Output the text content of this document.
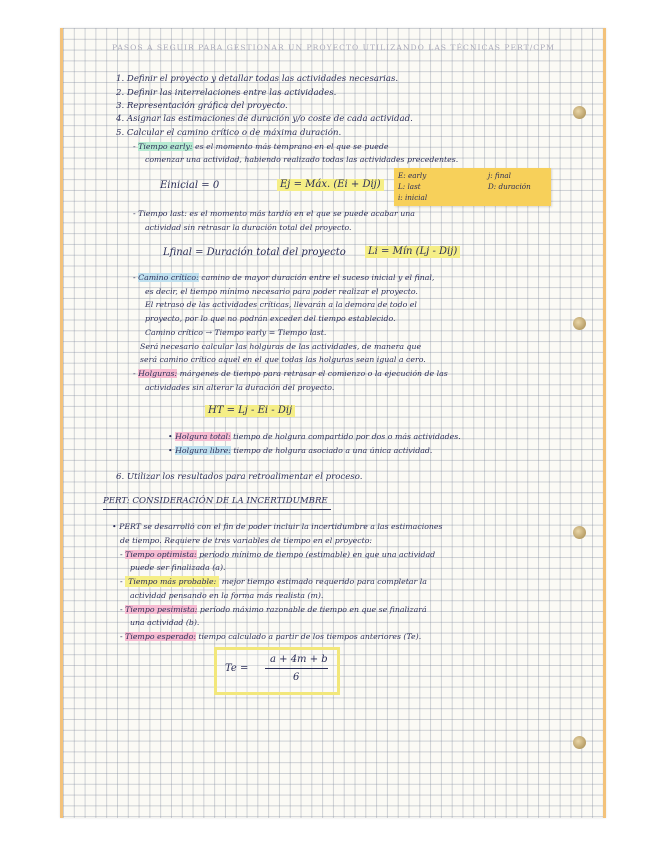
PASOS A SEGUIR PARA GESTIONAR UN PROYECTO UTILIZANDO LAS TÉCNICAS PERT/CPM
1. Definir el proyecto y detallar todas las actividades necesarias.
2. Definir las interrelaciones entre las actividades.
3. Representación gráfica del proyecto.
4. Asignar las estimaciones de duración y/o coste de cada actividad.
5. Calcular el camino crítico o de máxima duración.
- Tiempo early: es el momento más temprano en el que se puede
comenzar una actividad, habiendo realizado todas las actividades precedentes.
E: early	j: final
L: last	D: duración
i: inicial
Einicial = 0	Ej = Máx. (Ei + Dij)
- Tiempo last: es el momento más tardío en el que se puede acabar una
actividad sin retrasar la duración total del proyecto.
Lfinal = Duración total del proyecto	Li = Mín (Lj - Dij)
- Camino crítico: camino de mayor duración entre el suceso inicial y el final,
es decir, el tiempo mínimo necesario para poder realizar el proyecto.
El retraso de las actividades críticas, llevarán a la demora de todo el
proyecto, por lo que no podrán exceder del tiempo establecido.
Camino crítico → Tiempo early = Tiempo last.
Será necesario calcular las holguras de las actividades, de manera que
será camino crítico aquel en el que todas las holguras sean igual a cero.
- Holguras: márgenes de tiempo para retrasar el comienzo o la ejecución de las
actividades sin alterar la duración del proyecto.
HT = Lj - Ei - Dij
• Holgura total: tiempo de holgura compartido por dos o más actividades.
• Holgura libre: tiempo de holgura asociado a una única actividad.
6. Utilizar los resultados para retroalimentar el proceso.
PERT: CONSIDERACIÓN DE LA INCERTIDUMBRE
• PERT se desarrolló con el fin de poder incluir la incertidumbre a las estimaciones
de tiempo. Requiere de tres variables de tiempo en el proyecto:
- Tiempo optimista: período mínimo de tiempo (estimable) en que una actividad
puede ser finalizada (a).
- Tiempo más probable: mejor tiempo estimado requerido para completar la
actividad pensando en la forma más realista (m).
- Tiempo pesimista: período máximo razonable de tiempo en que se finalizará
una actividad (b).
- Tiempo esperado: tiempo calculado a partir de los tiempos anteriores (Te).
Te =
a + 4m + b
6
